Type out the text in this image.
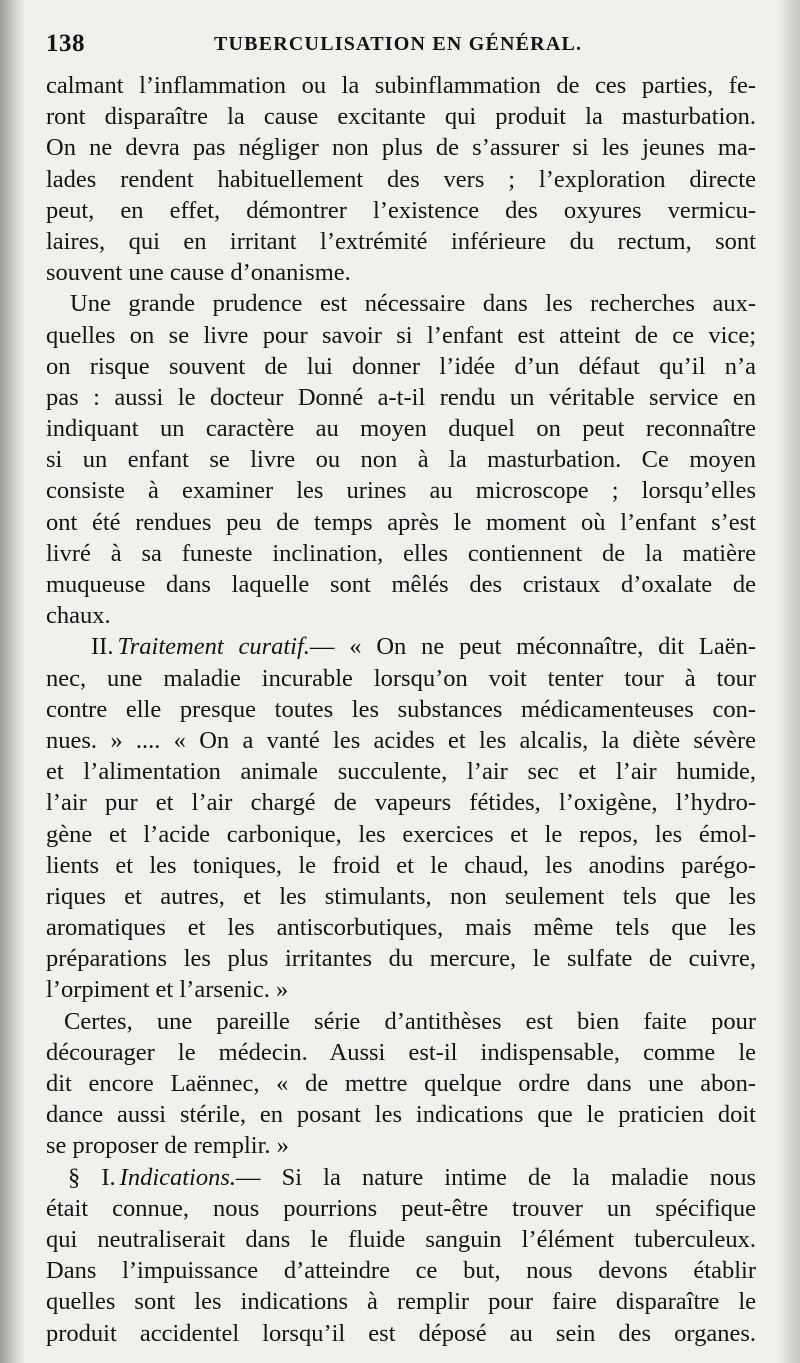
138	TUBERCULISATION EN GÉNÉRAL.
calmant l’inflammation ou la subinflammation de ces parties, fe-
ront disparaître la cause excitante qui produit la masturbation.
On ne devra pas négliger non plus de s’assurer si les jeunes ma-
lades rendent habituellement des vers ; l’exploration directe
peut, en effet, démontrer l’existence des oxyures vermicu-
laires, qui en irritant l’extrémité inférieure du rectum, sont
souvent une cause d’onanisme.
Une grande prudence est nécessaire dans les recherches aux-
quelles on se livre pour savoir si l’enfant est atteint de ce vice;
on risque souvent de lui donner l’idée d’un défaut qu’il n’a
pas : aussi le docteur Donné a-t-il rendu un véritable service en
indiquant un caractère au moyen duquel on peut reconnaître
si un enfant se livre ou non à la masturbation. Ce moyen
consiste à examiner les urines au microscope ; lorsqu’elles
ont été rendues peu de temps après le moment où l’enfant s’est
livré à sa funeste inclination, elles contiennent de la matière
muqueuse dans laquelle sont mêlés des cristaux d’oxalate de
chaux.
II. Traitement curatif.— « On ne peut méconnaître, dit Laën-
nec, une maladie incurable lorsqu’on voit tenter tour à tour
contre elle presque toutes les substances médicamenteuses con-
nues. » .... « On a vanté les acides et les alcalis, la diète sévère
et l’alimentation animale succulente, l’air sec et l’air humide,
l’air pur et l’air chargé de vapeurs fétides, l’oxigène, l’hydro-
gène et l’acide carbonique, les exercices et le repos, les émol-
lients et les toniques, le froid et le chaud, les anodins parégo-
riques et autres, et les stimulants, non seulement tels que les
aromatiques et les antiscorbutiques, mais même tels que les
préparations les plus irritantes du mercure, le sulfate de cuivre,
l’orpiment et l’arsenic. »
Certes, une pareille série d’antithèses est bien faite pour
décourager le médecin. Aussi est-il indispensable, comme le
dit encore Laënnec, « de mettre quelque ordre dans une abon-
dance aussi stérile, en posant les indications que le praticien doit
se proposer de remplir. »
§ I. Indications.— Si la nature intime de la maladie nous
était connue, nous pourrions peut-être trouver un spécifique
qui neutraliserait dans le fluide sanguin l’élément tuberculeux.
Dans l’impuissance d’atteindre ce but, nous devons établir
quelles sont les indications à remplir pour faire disparaître le
produit accidentel lorsqu’il est déposé au sein des organes.
